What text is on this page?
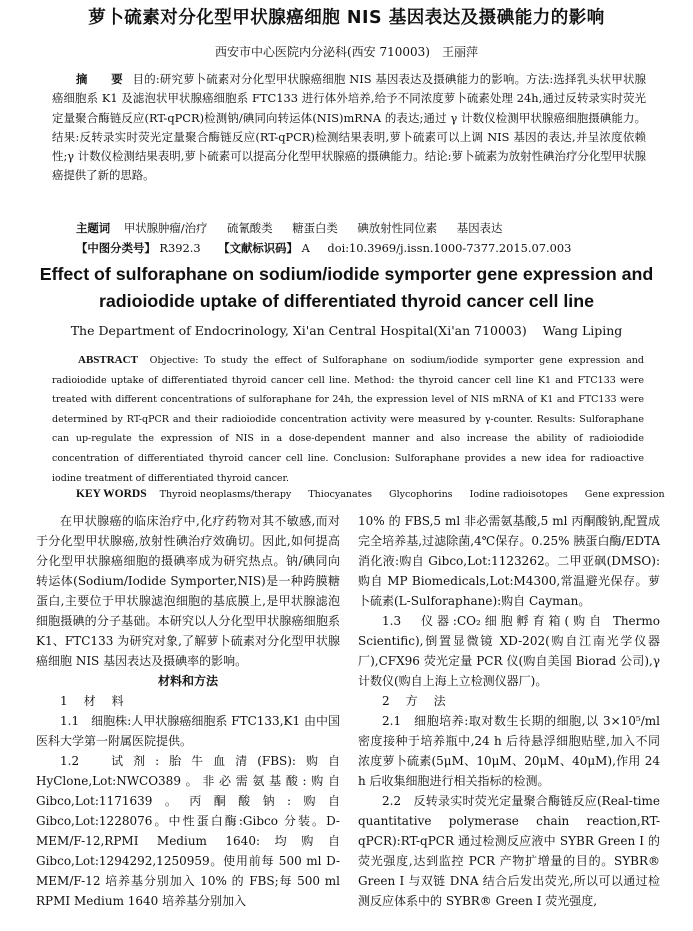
萝卜硫素对分化型甲状腺癌细胞 NIS 基因表达及摄碘能力的影响
西安市中心医院内分泌科(西安 710003)　王丽萍
摘　要 目的:研究萝卜硫素对分化型甲状腺癌细胞 NIS 基因表达及摄碘能力的影响。方法:选择乳头状甲状腺癌细胞系 K1 及滤泡状甲状腺癌细胞系 FTC133 进行体外培养,给予不同浓度萝卜硫素处理 24h,通过反转录实时荧光定量聚合酶链反应(RT-qPCR)检测钠/碘同向转运体(NIS)mRNA 的表达;通过 γ 计数仪检测甲状腺癌细胞摄碘能力。结果:反转录实时荧光定量聚合酶链反应(RT-qPCR)检测结果表明,萝卜硫素可以上调 NIS 基因的表达,并呈浓度依赖性;γ 计数仪检测结果表明,萝卜硫素可以提高分化型甲状腺癌的摄碘能力。结论:萝卜硫素为放射性碘治疗分化型甲状腺癌提供了新的思路。
主题词 甲状腺肿瘤/治疗 硫氰酸类 糖蛋白类 碘放射性同位素 基因表达
【中图分类号】 R392.3 【文献标识码】 A doi:10.3969/j.issn.1000-7377.2015.07.003
Effect of sulforaphane on sodium/iodide symporter gene expression and radioiodide uptake of differentiated thyroid cancer cell line
The Department of Endocrinology, Xi'an Central Hospital(Xi'an 710003) Wang Liping
ABSTRACT Objective: To study the effect of Sulforaphane on sodium/iodide symporter gene expression and radioiodide uptake of differentiated thyroid cancer cell line. Method: the thyroid cancer cell line K1 and FTC133 were treated with different concentrations of sulforaphane for 24h, the expression level of NIS mRNA of K1 and FTC133 were determined by RT-qPCR and their radioiodide concentration activity were measured by γ-counter. Results: Sulforaphane can up-regulate the expression of NIS in a dose-dependent manner and also increase the ability of radioiodide concentration of differentiated thyroid cancer cell line. Conclusion: Sulforaphane provides a new idea for radioactive iodine treatment of differentiated thyroid cancer.
KEY WORDS Thyroid neoplasms/therapy Thiocyanates Glycophorins Iodine radioisotopes Gene expression

在甲状腺癌的临床治疗中,化疗药物对其不敏感,而对于分化型甲状腺癌,放射性碘治疗效确切。因此,如何提高分化型甲状腺癌细胞的摄碘率成为研究热点。钠/碘同向转运体(Sodium/Iodide Symporter,NIS)是一种跨膜糖蛋白,主要位于甲状腺滤泡细胞的基底膜上,是甲状腺滤泡细胞摄碘的分子基础。本研究以人分化型甲状腺癌细胞系 K1、FTC133 为研究对象,了解萝卜硫素对分化型甲状腺癌细胞 NIS 基因表达及摄碘率的影响。

材料和方法

1　材　料

1.1　细胞株:人甲状腺癌细胞系 FTC133,K1 由中国医科大学第一附属医院提供。

1.2　试剂:胎牛血清(FBS):购自 HyClone,Lot:NWCO389。非必需氨基酸:购自 Gibco,Lot:1171639。丙酮酸钠:购自 Gibco,Lot:1228076。中性蛋白酶:Gibco 分装。D-MEM/F-12,RPMI Medium 1640:均购自 Gibco,Lot:1294292,1250959。使用前每 500 ml D-MEM/F-12 培养基分别加入 10% 的 FBS;每 500 ml RPMI Medium 1640 培养基分别加入

10% 的 FBS,5 ml 非必需氨基酸,5 ml 丙酮酸钠,配置成完全培养基,过滤除菌,4℃保存。0.25% 胰蛋白酶/EDTA 消化液:购自 Gibco,Lot:1123262。二甲亚砜(DMSO):购自 MP Biomedicals,Lot:M4300,常温避光保存。萝卜硫素(L-Sulforaphane):购自 Cayman。

1.3　仪器:CO₂细胞孵育箱(购自 Thermo Scientific),倒置显微镜 XD-202(购自江南光学仪器厂),CFX96 荧光定量 PCR 仪(购自美国 Biorad 公司),γ 计数仪(购自上海上立检测仪器厂)。

2　方　法

2.1　细胞培养:取对数生长期的细胞,以 3×10⁵/ml 密度接种于培养瓶中,24 h 后待悬浮细胞贴壁,加入不同浓度萝卜硫素(5μM、10μM、20μM、40μM),作用 24 h 后收集细胞进行相关指标的检测。

2.2　反转录实时荧光定量聚合酶链反应(Real-time quantitative polymerase chain reaction,RT-qPCR):RT-qPCR 通过检测反应液中 SYBR Green I 的荧光强度,达到监控 PCR 产物扩增量的目的。SYBR® Green I 与双链 DNA 结合后发出荧光,所以可以通过检测反应体系中的 SYBR® Green I 荧光强度,
